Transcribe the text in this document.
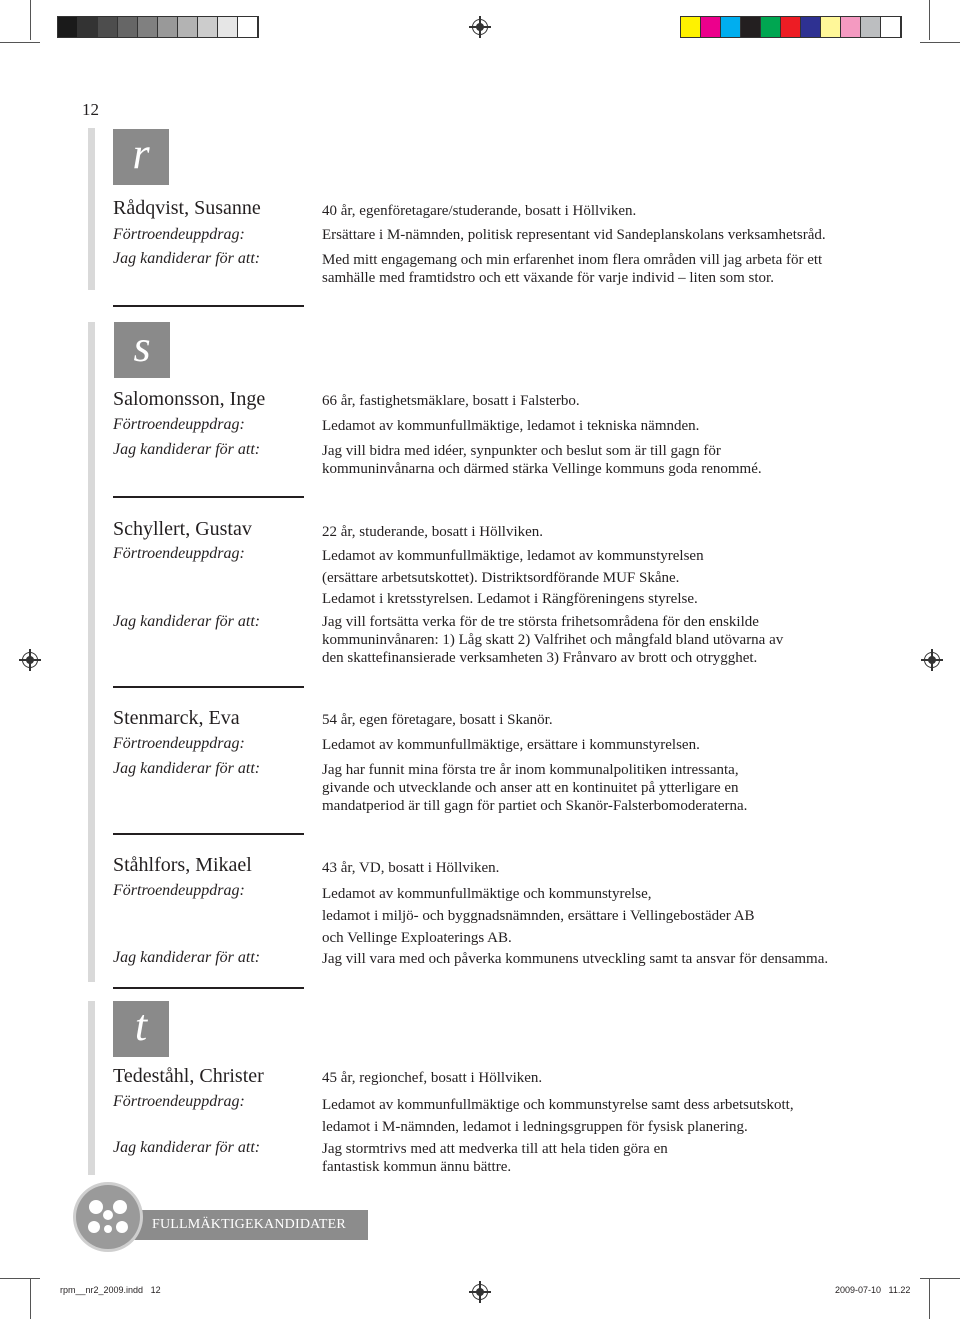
12
r
Rådqvist, Susanne
Förtroendeuppdrag:
Jag kandiderar för att:
40 år, egenföretagare/studerande, bosatt i Höllviken.
Ersättare i M-nämnden, politisk representant vid Sandeplanskolans verksamhetsråd.
Med mitt engagemang och min erfarenhet inom flera områden vill jag arbeta för ett
samhälle med framtidstro och ett växande för varje individ – liten som stor.
s
Salomonsson, Inge
Förtroendeuppdrag:
Jag kandiderar för att:
66 år, fastighetsmäklare, bosatt i Falsterbo.
Ledamot av kommunfullmäktige, ledamot i tekniska nämnden.
Jag vill bidra med idéer, synpunkter och beslut som är till gagn för
kommuninvånarna och därmed stärka Vellinge kommuns goda renommé.
Schyllert, Gustav
Förtroendeuppdrag:
Jag kandiderar för att:
22 år, studerande, bosatt i Höllviken.
Ledamot av kommunfullmäktige, ledamot av kommunstyrelsen
(ersättare arbetsutskottet). Distriktsordförande MUF Skåne.
Ledamot i kretsstyrelsen. Ledamot i Rängföreningens styrelse.
Jag vill fortsätta verka för de tre största frihetsområdena för den enskilde
kommuninvånaren: 1) Låg skatt 2) Valfrihet och mångfald bland utövarna av
den skattefinansierade verksamheten 3) Frånvaro av brott och otrygghet.
Stenmarck, Eva
Förtroendeuppdrag:
Jag kandiderar för att:
54 år, egen företagare, bosatt i Skanör.
Ledamot av kommunfullmäktige, ersättare i kommunstyrelsen.
Jag har funnit mina första tre år inom kommunalpolitiken intressanta,
givande och utvecklande och anser att en kontinuitet på ytterligare en
mandatperiod är till gagn för partiet och Skanör-Falsterbomoderaterna.
Ståhlfors, Mikael
Förtroendeuppdrag:
Jag kandiderar för att:
43 år, VD, bosatt i Höllviken.
Ledamot av kommunfullmäktige och kommunstyrelse,
ledamot i miljö- och byggnadsnämnden, ersättare i Vellingebostäder AB
och Vellinge Exploaterings AB.
Jag vill vara med och påverka kommunens utveckling samt ta ansvar för densamma.
t
Tedeståhl, Christer
Förtroendeuppdrag:
Jag kandiderar för att:
45 år, regionchef, bosatt i Höllviken.
Ledamot av kommunfullmäktige och kommunstyrelse samt dess arbetsutskott,
ledamot i M-nämnden, ledamot i ledningsgruppen för fysisk planering.
Jag stormtrivs med att medverka till att hela tiden göra en
fantastisk kommun ännu bättre.
FULLMÄKTIGEKANDIDATER
rpm__nr2_2009.indd   12	2009-07-10   11.22
